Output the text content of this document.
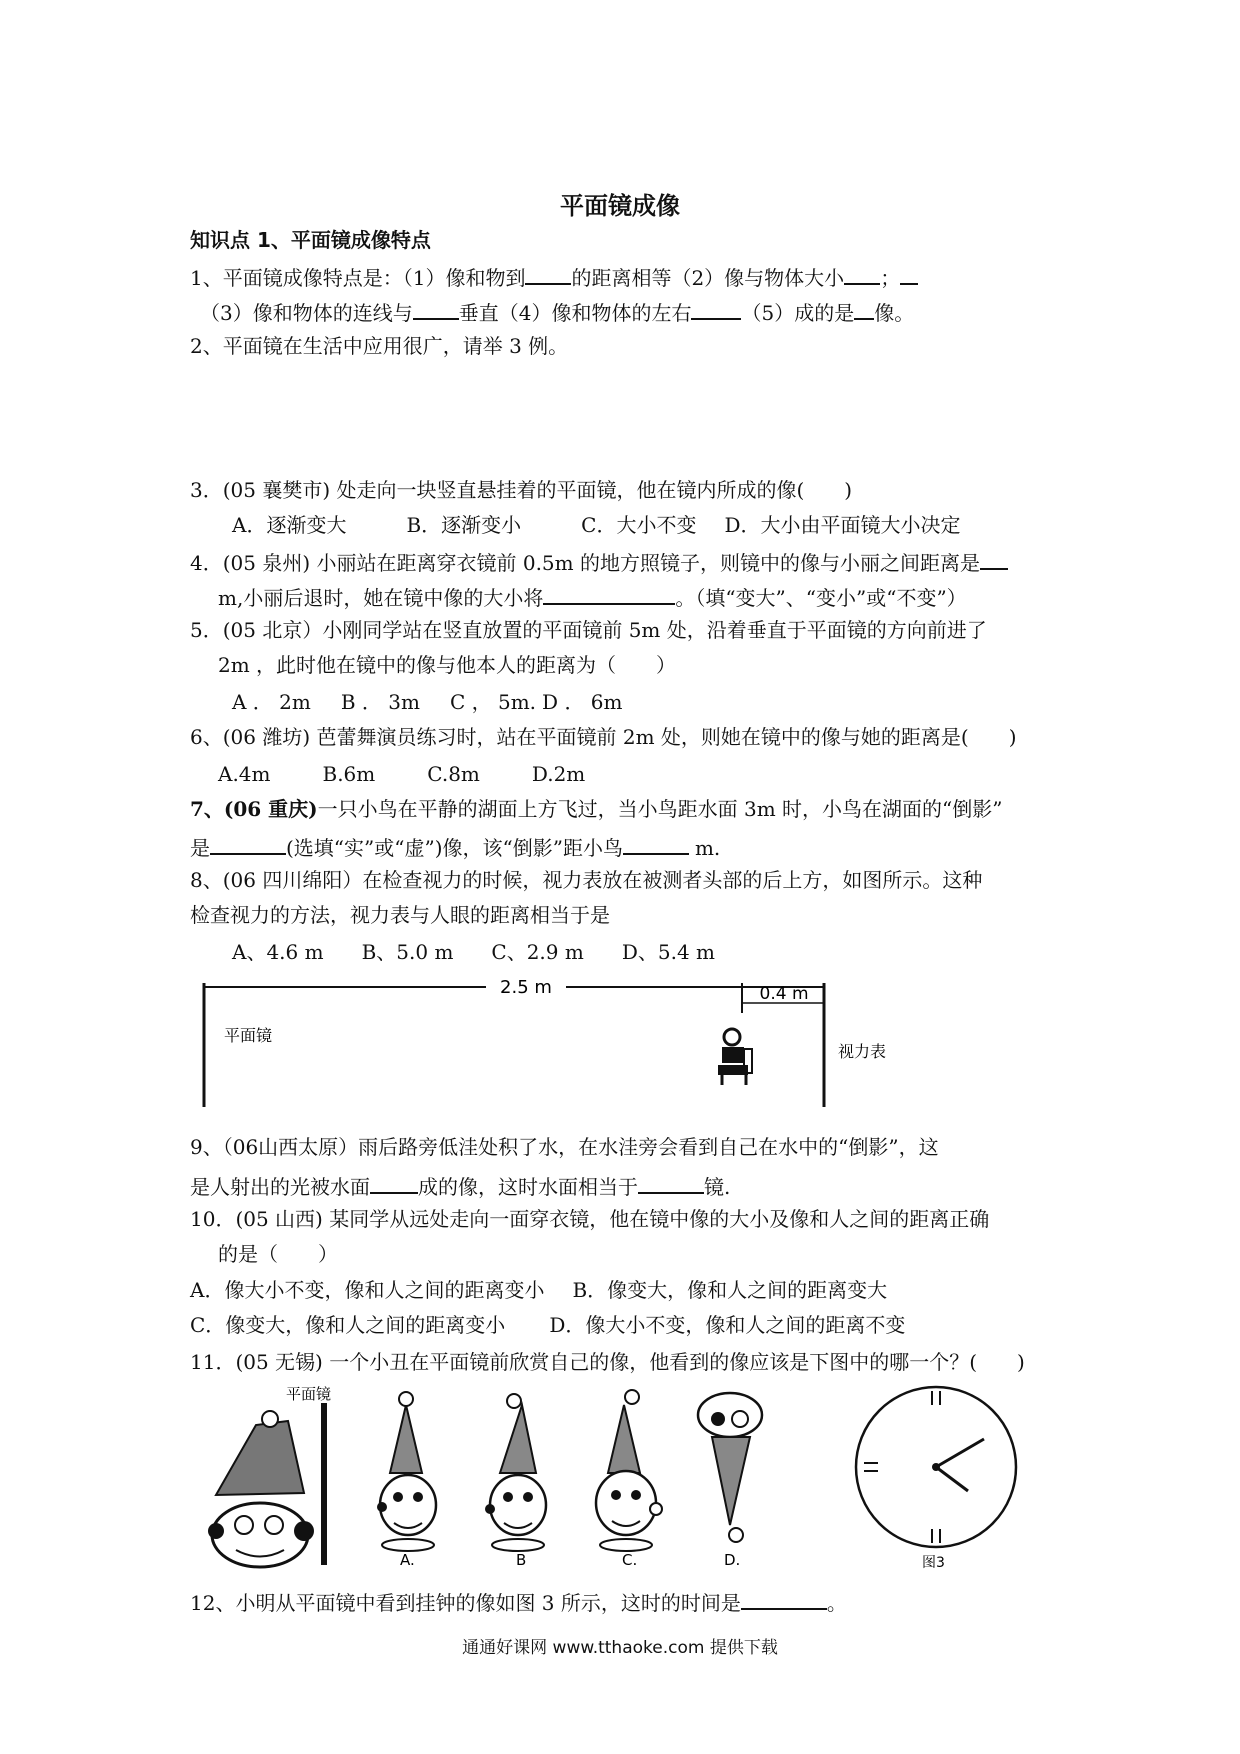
平面镜成像
知识点 1、平面镜成像特点
1、平面镜成像特点是：（1）像和物到 的距离相等（2）像与物体大小 ；
（3）像和物体的连线与 垂直（4）像和物体的左右	（5）成的是 像。
2、平面镜在生活中应用很广，请举 3 例。
3．(05 襄樊市) 处走向一块竖直悬挂着的平面镜，他在镜内所成的像(　　)
A．逐渐变大	B．逐渐变小	C．大小不变 D．大小由平面镜大小决定
4．(05 泉州) 小丽站在距离穿衣镜前 0.5m 的地方照镜子，则镜中的像与小丽之间距离是
m,小丽后退时，她在镜中像的大小将	。（填“变大”、“变小”或“不变”）
5．(05 北京）小刚同学站在竖直放置的平面镜前 5m 处，沿着垂直于平面镜的方向前进了
2m ，此时他在镜中的像与他本人的距离为（　　）
A ． 2m B ． 3m C ， 5m. D ． 6m
6、(06 潍坊) 芭蕾舞演员练习时，站在平面镜前 2m 处，则她在镜中的像与她的距离是(　　)
A.4m	B.6m	C.8m	D.2m
7、(06 重庆)一只小鸟在平静的湖面上方飞过，当小鸟距水面 3m 时，小鸟在湖面的“倒影”
是	(选填“实”或“虚”)像，该“倒影”距小鸟	m.
8、(06 四川绵阳）在检查视力的时候，视力表放在被测者头部的后上方，如图所示。这种
检查视力的方法，视力表与人眼的距离相当于是
A、4.6 m B、5.0 m C、2.9 m D、5.4 m
2.5 m	0.4 m
平面镜
视力表
9、（06山西太原）雨后路旁低洼处积了水，在水洼旁会看到自己在水中的“倒影”，这
是人射出的光被水面 成的像，这时水面相当于	镜.
10．(05 山西) 某同学从远处走向一面穿衣镜，他在镜中像的大小及像和人之间的距离正确
的是（　　）
A．像大小不变，像和人之间的距离变小 B．像变大，像和人之间的距离变大
C．像变大，像和人之间的距离变小 D．像大小不变，像和人之间的距离不变
11．(05 无锡) 一个小丑在平面镜前欣赏自己的像，他看到的像应该是下图中的哪一个？(　　)
平面镜
A.	B	C.	D.	图3
12、小明从平面镜中看到挂钟的像如图 3 所示，这时的时间是	。
通通好课网 www.tthaoke.com 提供下载
